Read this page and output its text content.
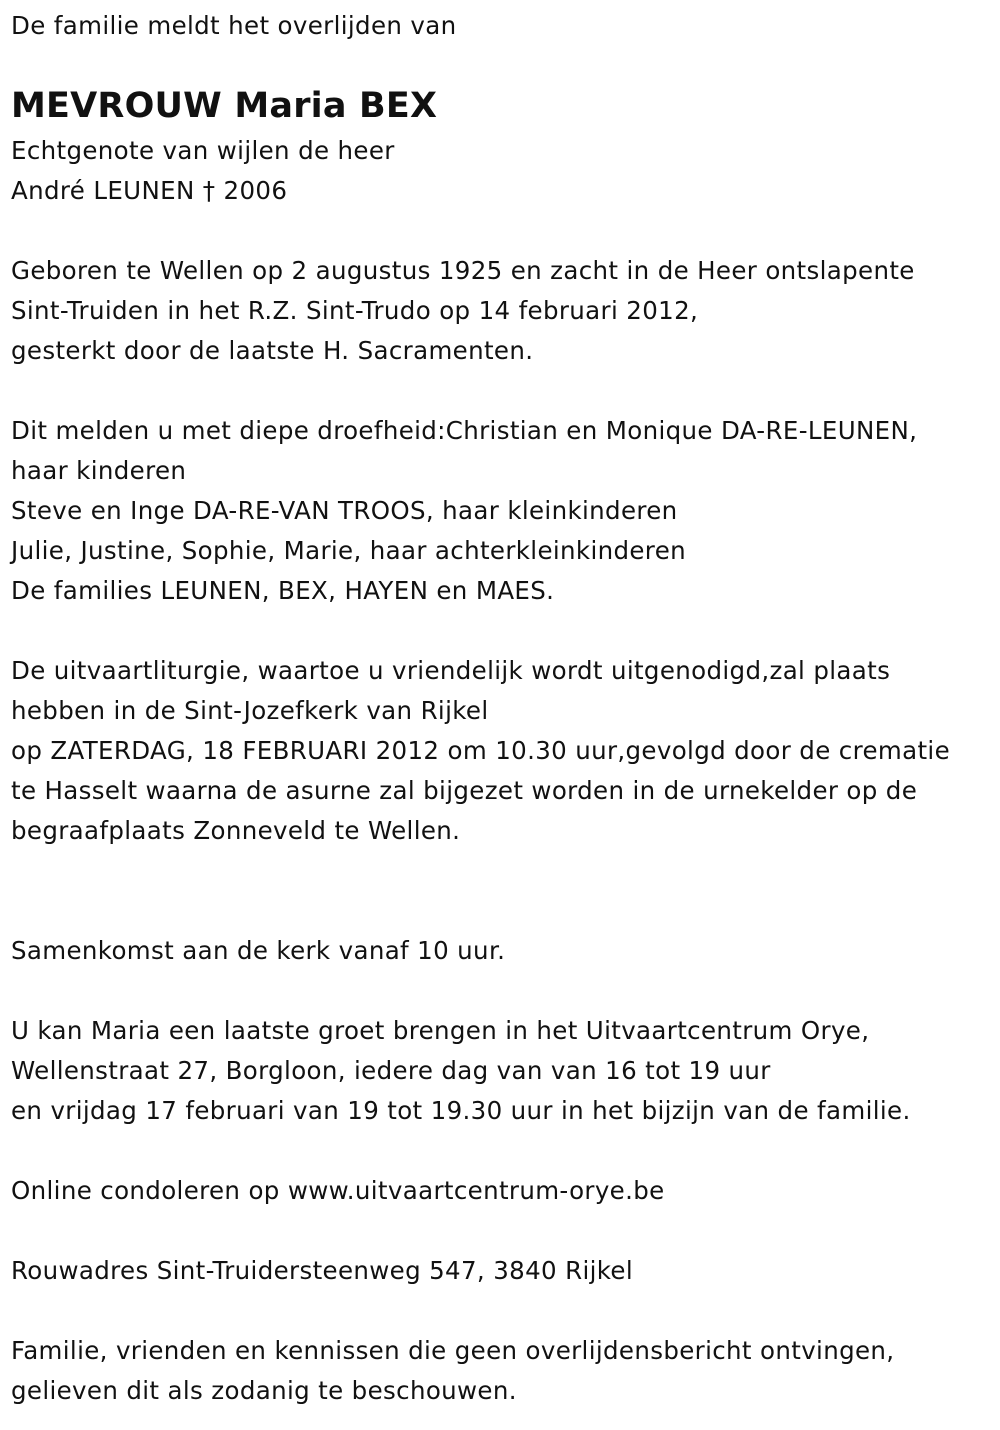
De familie meldt het overlijden van
MEVROUW Maria BEX
Echtgenote van wijlen de heer
André LEUNEN † 2006
Geboren te Wellen op 2 augustus 1925 en zacht in de Heer ontslapente
Sint-Truiden in het R.Z. Sint-Trudo op 14 februari 2012,
gesterkt door de laatste H. Sacramenten.
Dit melden u met diepe droefheid:Christian en Monique DA-RE-LEUNEN,
haar kinderen
Steve en Inge DA-RE-VAN TROOS, haar kleinkinderen
Julie, Justine, Sophie, Marie, haar achterkleinkinderen
De families LEUNEN, BEX, HAYEN en MAES.
De uitvaartliturgie, waartoe u vriendelijk wordt uitgenodigd,zal plaats
hebben in de Sint-Jozefkerk van Rijkel
op ZATERDAG, 18 FEBRUARI 2012 om 10.30 uur,gevolgd door de crematie
te Hasselt waarna de asurne zal bijgezet worden in de urnekelder op de
begraafplaats Zonneveld te Wellen.
Samenkomst aan de kerk vanaf 10 uur.
U kan Maria een laatste groet brengen in het Uitvaartcentrum Orye,
Wellenstraat 27, Borgloon, iedere dag van van 16 tot 19 uur
en vrijdag 17 februari van 19 tot 19.30 uur in het bijzijn van de familie.
Online condoleren op www.uitvaartcentrum-orye.be
Rouwadres Sint-Truidersteenweg 547, 3840 Rijkel
Familie, vrienden en kennissen die geen overlijdensbericht ontvingen,
gelieven dit als zodanig te beschouwen.
